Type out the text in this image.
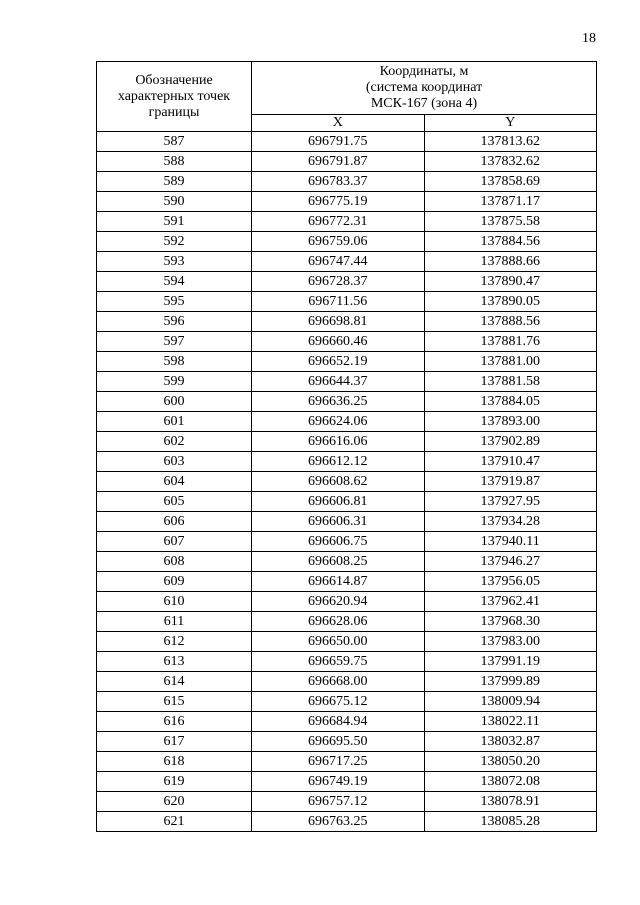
18
Обозначение
характерных точек
границы	Координаты, м
(система координат
МСК-167 (зона 4)	

	X	Y
587	696791.75	137813.62
588	696791.87	137832.62
589	696783.37	137858.69
590	696775.19	137871.17
591	696772.31	137875.58
592	696759.06	137884.56
593	696747.44	137888.66
594	696728.37	137890.47
595	696711.56	137890.05
596	696698.81	137888.56
597	696660.46	137881.76
598	696652.19	137881.00
599	696644.37	137881.58
600	696636.25	137884.05
601	696624.06	137893.00
602	696616.06	137902.89
603	696612.12	137910.47
604	696608.62	137919.87
605	696606.81	137927.95
606	696606.31	137934.28
607	696606.75	137940.11
608	696608.25	137946.27
609	696614.87	137956.05
610	696620.94	137962.41
611	696628.06	137968.30
612	696650.00	137983.00
613	696659.75	137991.19
614	696668.00	137999.89
615	696675.12	138009.94
616	696684.94	138022.11
617	696695.50	138032.87
618	696717.25	138050.20
619	696749.19	138072.08
620	696757.12	138078.91
621	696763.25	138085.28
